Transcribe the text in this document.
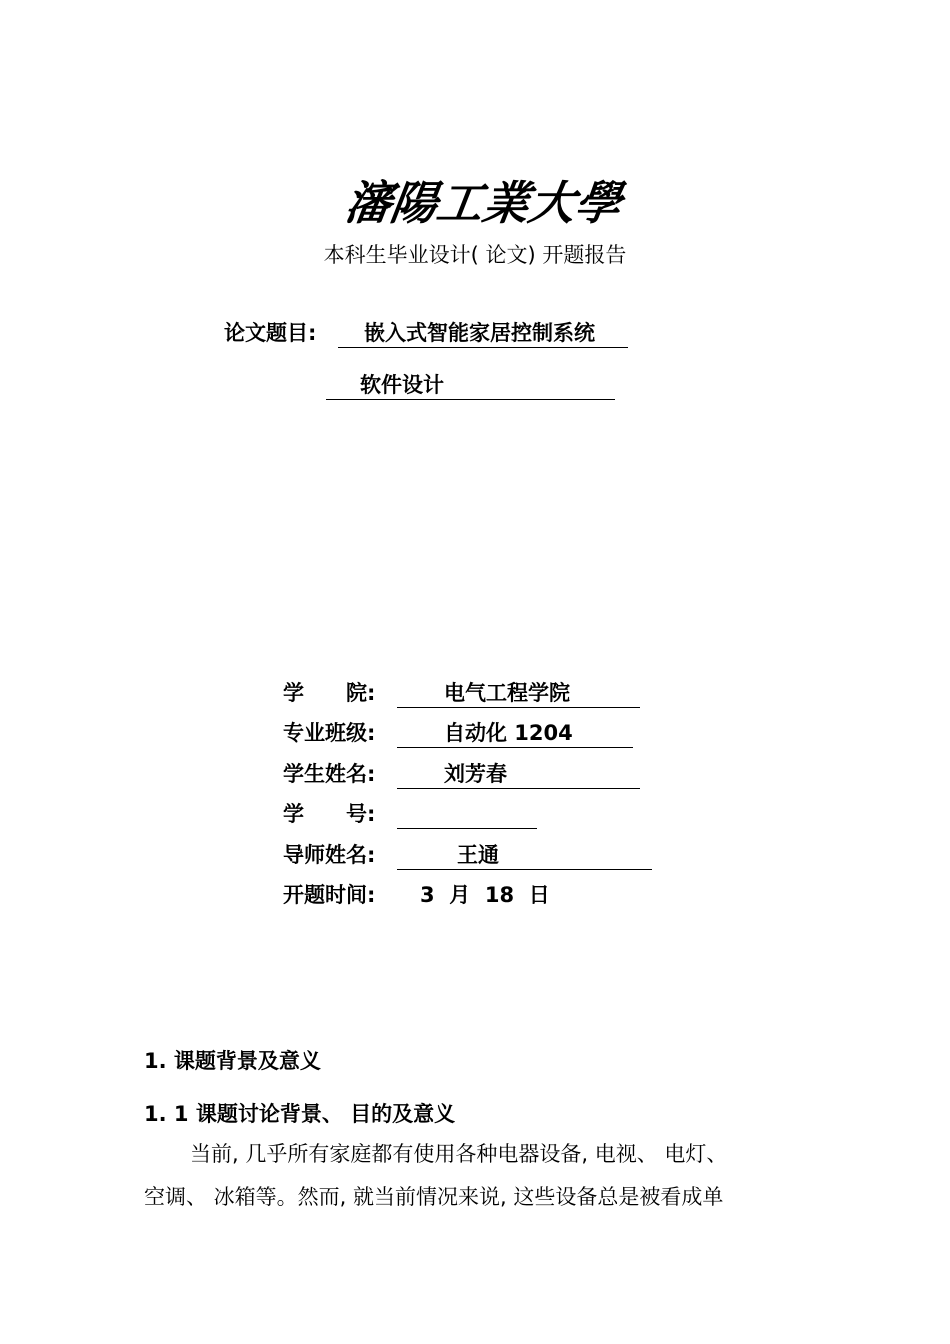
瀋
陽
工
業
大
學
本科生毕业设计( 论文) 开题报告
论文题目:	嵌入式智能家居控制系统
软件设计
学　　院:	电气工程学院
专业班级:	自动化 1204
学生姓名:	刘芳春
学　　号:
导师姓名:	王通
开题时间: 3  月  18  日
1. 课题背景及意义
1. 1 课题讨论背景、 目的及意义
当前, 几乎所有家庭都有使用各种电器设备, 电视、 电灯、
空调、 冰箱等。然而, 就当前情况来说, 这些设备总是被看成单
